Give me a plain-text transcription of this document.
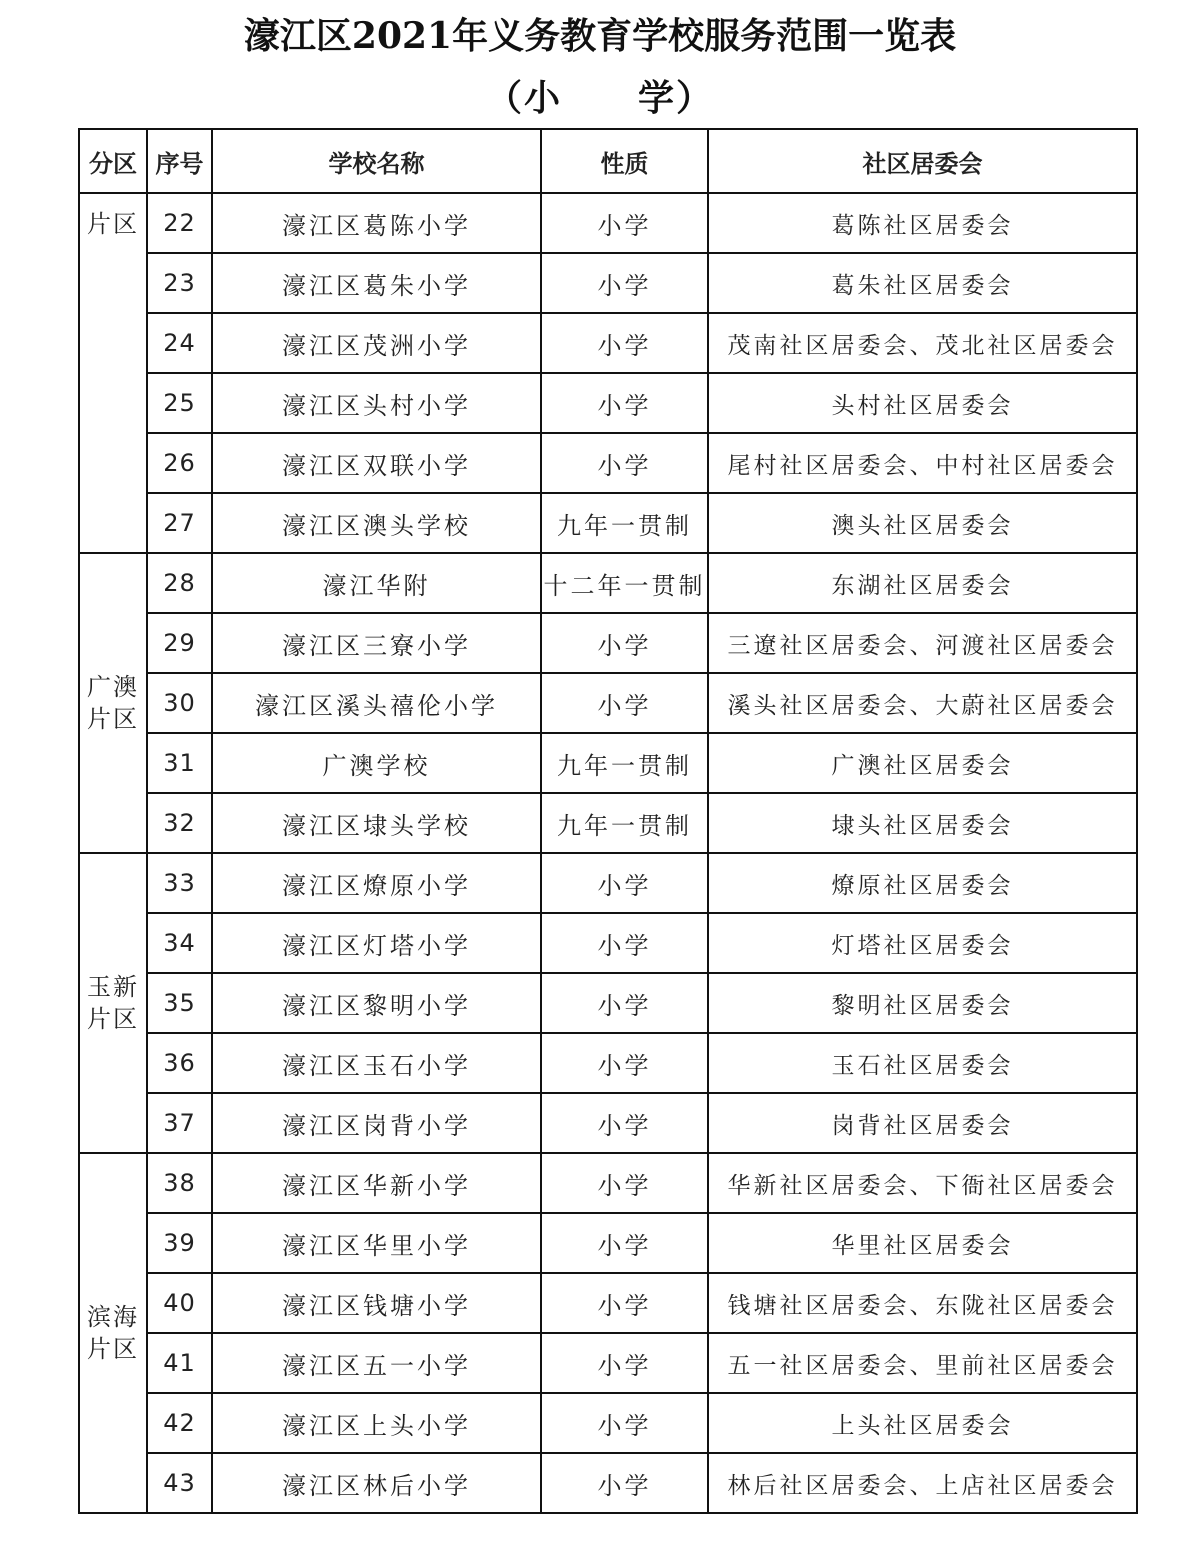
濠江区2021年义务教育学校服务范围一览表
（小　　学）
分区	序号	学校名称	性质	社区居委会
片区	22	濠江区葛陈小学	小学	葛陈社区居委会
	23	濠江区葛朱小学	小学	葛朱社区居委会
	24	濠江区茂洲小学	小学	茂南社区居委会、茂北社区居委会
	25	濠江区头村小学	小学	头村社区居委会
	26	濠江区双联小学	小学	尾村社区居委会、中村社区居委会
	27	濠江区澳头学校	九年一贯制	澳头社区居委会
广澳片区	28	濠江华附	十二年一贯制	东湖社区居委会
	29	濠江区三寮小学	小学	三遼社区居委会、河渡社区居委会
	30	濠江区溪头禧伦小学	小学	溪头社区居委会、大蔚社区居委会
	31	广澳学校	九年一贯制	广澳社区居委会
	32	濠江区埭头学校	九年一贯制	埭头社区居委会
玉新片区	33	濠江区燎原小学	小学	燎原社区居委会
	34	濠江区灯塔小学	小学	灯塔社区居委会
	35	濠江区黎明小学	小学	黎明社区居委会
	36	濠江区玉石小学	小学	玉石社区居委会
	37	濠江区岗背小学	小学	岗背社区居委会
滨海片区	38	濠江区华新小学	小学	华新社区居委会、下衙社区居委会
	39	濠江区华里小学	小学	华里社区居委会
	40	濠江区钱塘小学	小学	钱塘社区居委会、东陇社区居委会
	41	濠江区五一小学	小学	五一社区居委会、里前社区居委会
	42	濠江区上头小学	小学	上头社区居委会
	43	濠江区林后小学	小学	林后社区居委会、上店社区居委会
